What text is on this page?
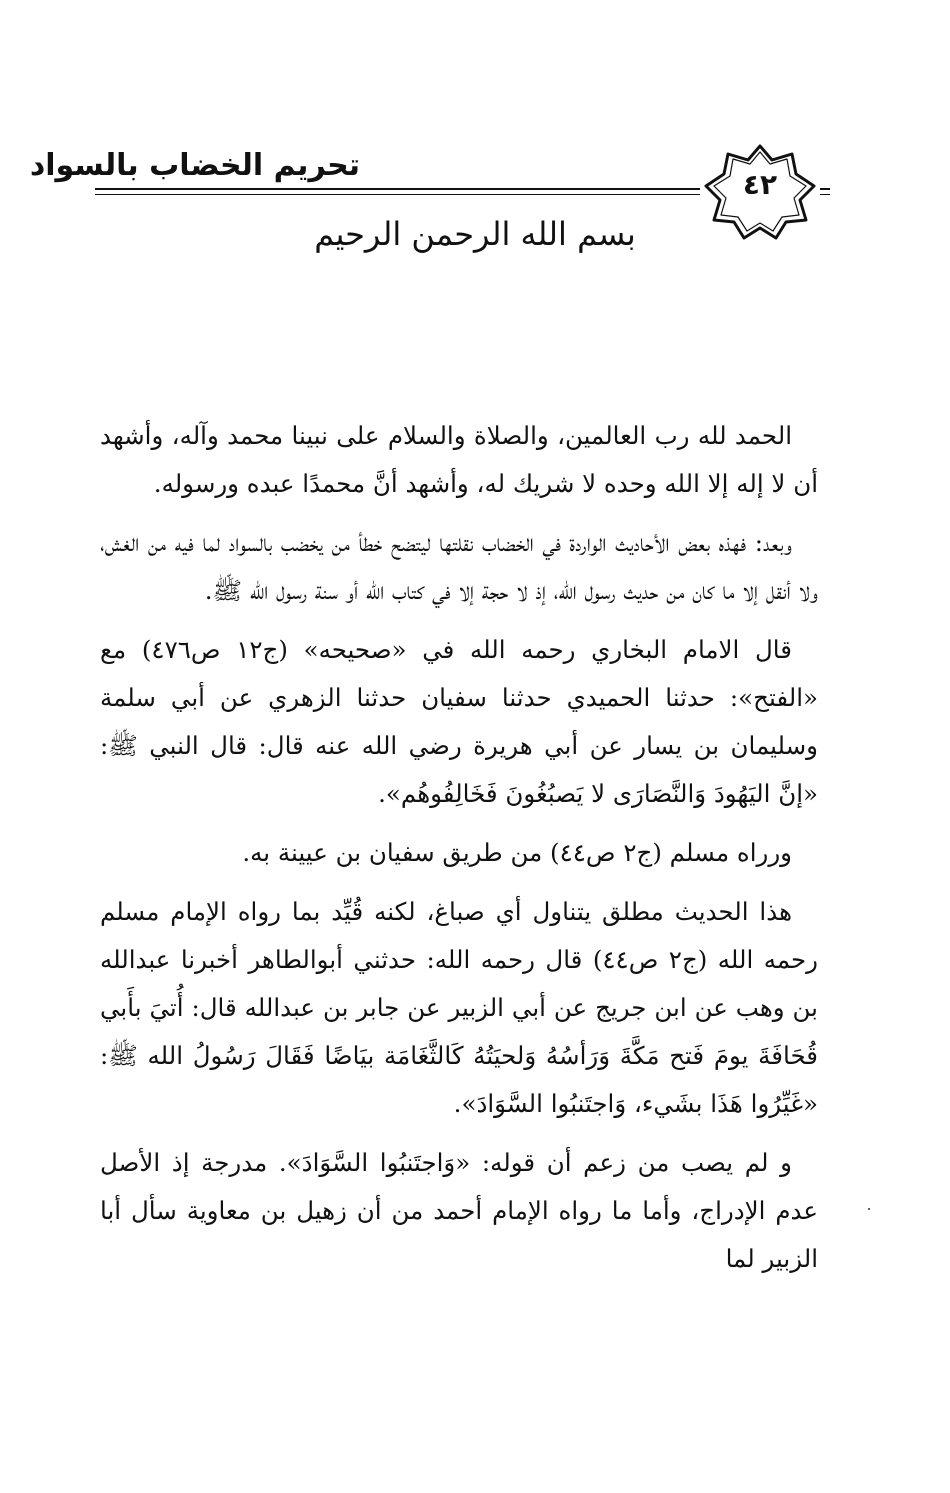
تحريم الخضاب بالسواد
٤٢
بسم الله الرحمن الرحيم

الحمد لله رب العالمين، والصلاة والسلام على نبينا محمد وآله، وأشهد أن لا إله إلا الله وحده لا شريك له، وأشهد أنَّ محمدًا عبده ورسوله.

وبعد: فهذه بعض الأحاديث الواردة في الخضاب نقلتها ليتضح خطأ من يخضب بالسواد لما فيه من الغش، ولا أنقل إلا ما كان من حديث رسول الله، إذ لا حجة إلا في كتاب الله أو سنة رسول الله ﷺ.

قال الامام البخاري رحمه الله في «صحيحه» (ج١٢ ص٤٧٦) مع «الفتح»: حدثنا الحميدي حدثنا سفيان حدثنا الزهري عن أبي سلمة وسليمان بن يسار عن أبي هريرة رضي الله عنه قال: قال النبي ﷺ: «إنَّ اليَهُودَ وَالنَّصَارَى لا يَصبُغُونَ فَخَالِفُوهُم».

ورراه مسلم (ج٢ ص٤٤) من طريق سفيان بن عيينة به.

هذا الحديث مطلق يتناول أي صباغ، لكنه قُيِّد بما رواه الإمام مسلم رحمه الله (ج٢ ص٤٤) قال رحمه الله: حدثني أبوالطاهر أخبرنا عبدالله بن وهب عن ابن جريج عن أبي الزبير عن جابر بن عبدالله قال: أُتيَ بأَبي قُحَافَةَ يومَ فَتح مَكَّةَ وَرَأسُهُ وَلحيَتُهُ كَالثَّغَامَة بيَاضًا فَقَالَ رَسُولُ الله ﷺ: «غَيِّرُوا هَذَا بشَيء، وَاجتَنبُوا السَّوَادَ».

و لم يصب من زعم أن قوله: «وَاجتَنبُوا السَّوَادَ». مدرجة إذ الأصل عدم الإدراج، وأما ما رواه الإمام أحمد من أن زهيل بن معاوية سأل أبا الزبير لما
